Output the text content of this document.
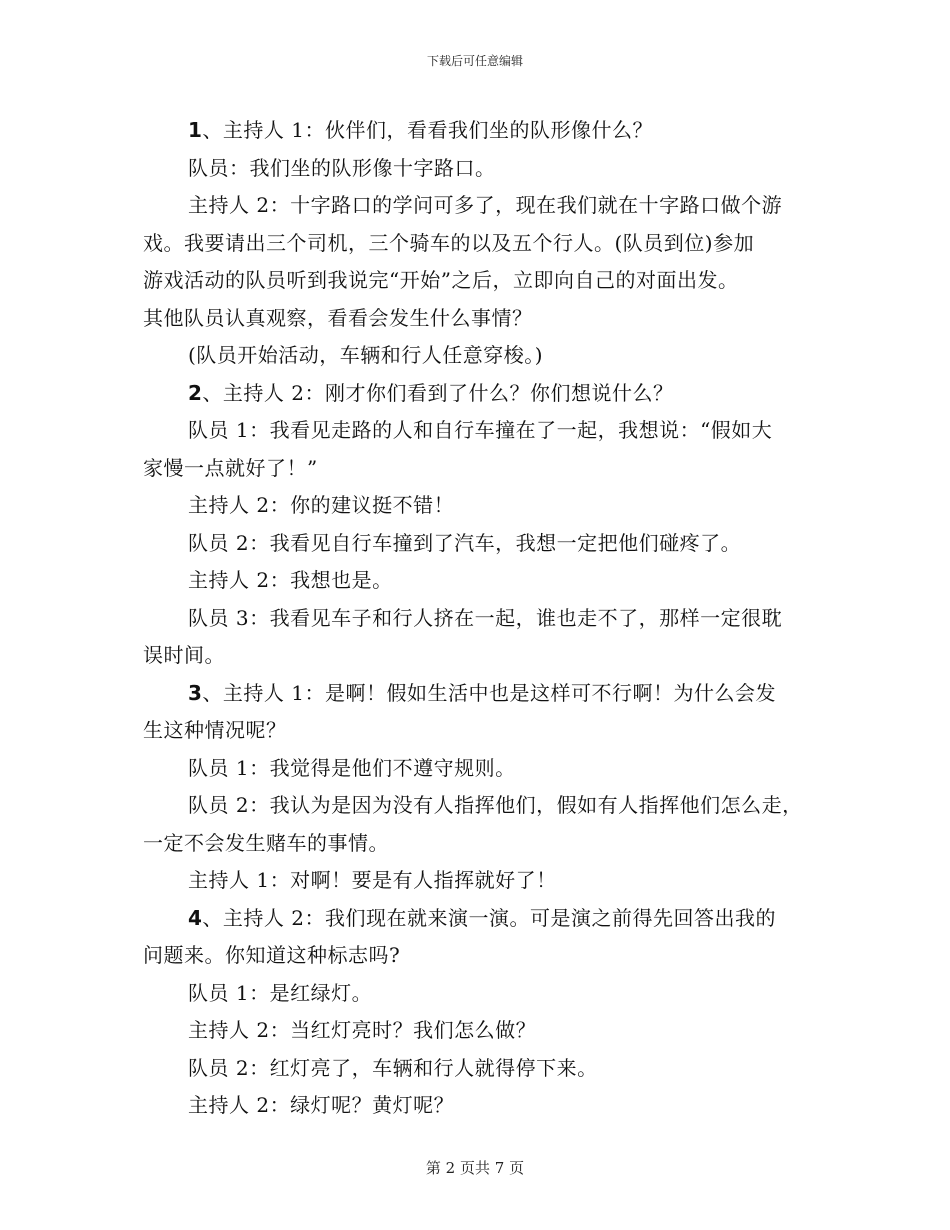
下载后可任意编辑
1、主持人 1：伙伴们，看看我们坐的队形像什么？
队员：我们坐的队形像十字路口。
主持人 2：十字路口的学问可多了，现在我们就在十字路口做个游
戏。我要请出三个司机，三个骑车的以及五个行人。(队员到位)参加
游戏活动的队员听到我说完“开始”之后，立即向自己的对面出发。
其他队员认真观察，看看会发生什么事情？
(队员开始活动，车辆和行人任意穿梭。)
2、主持人 2：刚才你们看到了什么？你们想说什么？
队员 1：我看见走路的人和自行车撞在了一起，我想说：“假如大
家慢一点就好了！”
主持人 2：你的建议挺不错！
队员 2：我看见自行车撞到了汽车，我想一定把他们碰疼了。
主持人 2：我想也是。
队员 3：我看见车子和行人挤在一起，谁也走不了，那样一定很耽
误时间。
3、主持人 1：是啊！假如生活中也是这样可不行啊！为什么会发
生这种情况呢？
队员 1：我觉得是他们不遵守规则。
队员 2：我认为是因为没有人指挥他们，假如有人指挥他们怎么走，
一定不会发生赌车的事情。
主持人 1：对啊！要是有人指挥就好了！
4、主持人 2：我们现在就来演一演。可是演之前得先回答出我的
问题来。你知道这种标志吗?
队员 1：是红绿灯。
主持人 2：当红灯亮时？我们怎么做？
队员 2：红灯亮了，车辆和行人就得停下来。
主持人 2：绿灯呢？黄灯呢？
第 2 页共 7 页
